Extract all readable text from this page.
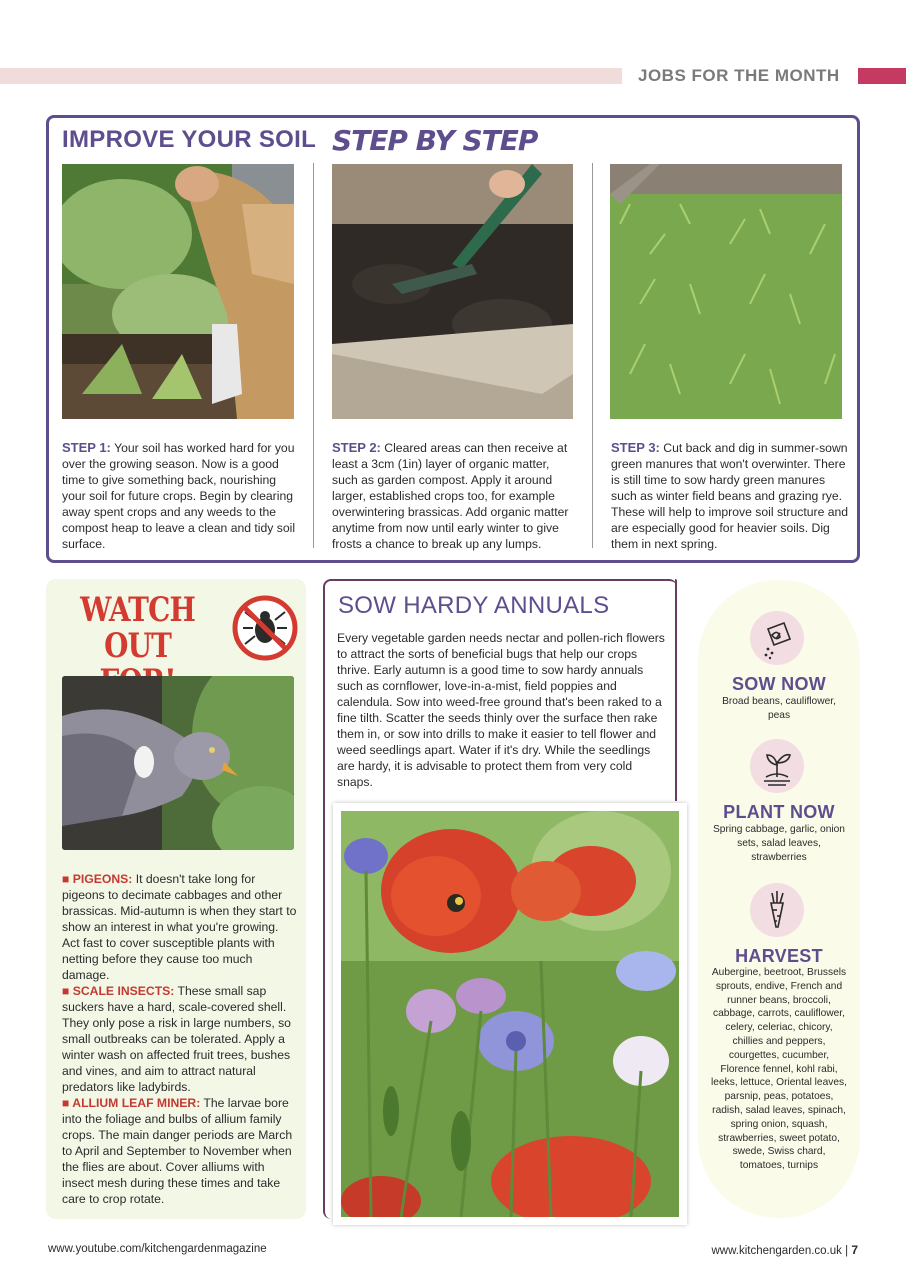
JOBS FOR THE MONTH
IMPROVE YOUR SOIL STEP BY STEP
STEP 1: Your soil has worked hard for you over the growing season. Now is a good time to give something back, nourishing your soil for future crops. Begin by clearing away spent crops and any weeds to the compost heap to leave a clean and tidy soil surface.
STEP 2: Cleared areas can then receive at least a 3cm (1in) layer of organic matter, such as garden compost. Apply it around larger, established crops too, for example overwintering brassicas. Add organic matter anytime from now until early winter to give frosts a chance to break up any lumps.
STEP 3: Cut back and dig in summer-sown green manures that won't overwinter. There is still time to sow hardy green manures such as winter field beans and grazing rye. These will help to improve soil structure and are especially good for heavier soils. Dig them in next spring.
WATCH
OUT

■ PIGEONS: It doesn't take long for pigeons to decimate cabbages and other brassicas. Mid-autumn is when they start to show an interest in what you're growing. Act fast to cover susceptible plants with netting before they cause too much damage.

■ SCALE INSECTS: These small sap suckers have a hard, scale-covered shell. They only pose a risk in large numbers, so small outbreaks can be tolerated. Apply a winter wash on affected fruit trees, bushes and vines, and aim to attract natural predators like ladybirds.

■ ALLIUM LEAF MINER: The larvae bore into the foliage and bulbs of allium family crops. The main danger periods are March to April and September to November when the flies are about. Cover alliums with insect mesh during these times and take care to crop rotate.

SOW HARDY ANNUALS
Every vegetable garden needs nectar and pollen-rich flowers to attract the sorts of beneficial bugs that help our crops thrive. Early autumn is a good time to sow hardy annuals such as cornflower, love-in-a-mist, field poppies and calendula. Sow into weed-free ground that's been raked to a fine tilth. Scatter the seeds thinly over the surface then rake them in, or sow into drills to make it easier to tell flower and weed seedlings apart. Water if it's dry. While the seedlings are hardy, it is advisable to protect them from very cold snaps.
SOW NOW
Broad beans, cauliflower, peas
PLANT NOW
Spring cabbage, garlic, onion sets, salad leaves, strawberries
HARVEST
Aubergine, beetroot, Brussels sprouts, endive, French and runner beans, broccoli, cabbage, carrots, cauliflower, celery, celeriac, chicory, chillies and peppers, courgettes, cucumber, Florence fennel, kohl rabi, leeks, lettuce, Oriental leaves, parsnip, peas, potatoes, radish, salad leaves, spinach, spring onion, squash, strawberries, sweet potato, swede, Swiss chard, tomatoes, turnips
www.youtube.com/kitchengardenmagazine	www.kitchengarden.co.uk | 7
